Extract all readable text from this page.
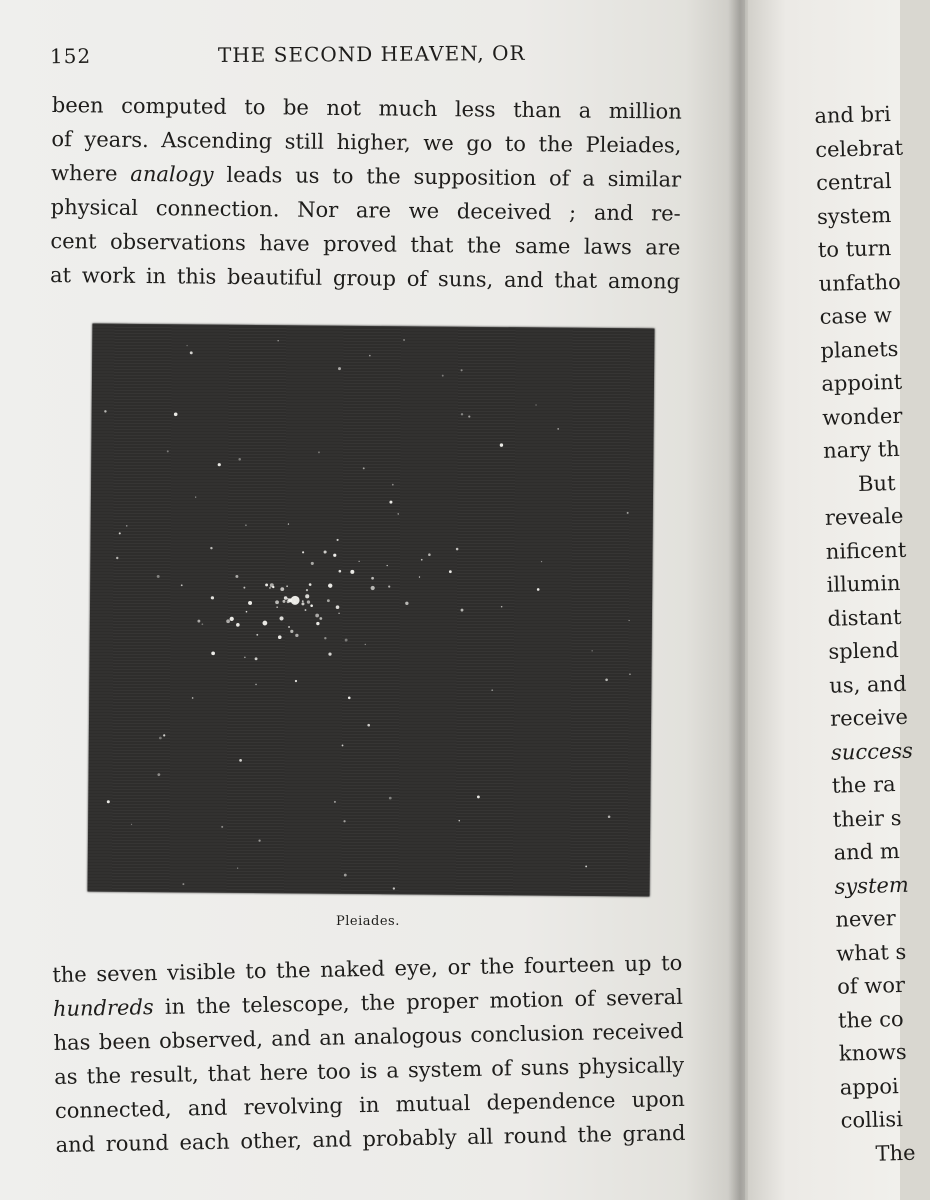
152	THE SECOND HEAVEN, OR
been computed to be not much less than a million
of years. Ascending still higher, we go to the Pleiades,
where analogy leads us to the supposition of a similar
physical connection. Nor are we deceived ; and re-
cent observations have proved that the same laws are
at work in this beautiful group of suns, and that among
Pleiades.
the seven visible to the naked eye, or the fourteen up to
hundreds in the telescope, the proper motion of several
has been observed, and an analogous conclusion received
as the result, that here too is a system of suns physically
connected, and revolving in mutual dependence upon
and round each other, and probably all round the grand
and bri
celebrat
central
system
to turn
unfatho
case w
planets
appoint
wonder
nary th
But
reveale
nificent
illumin
distant
splend
us, and
receive
success
the ra
their s
and m
system
never
what s
of wor
the co
knows
appoi
collisi
The
